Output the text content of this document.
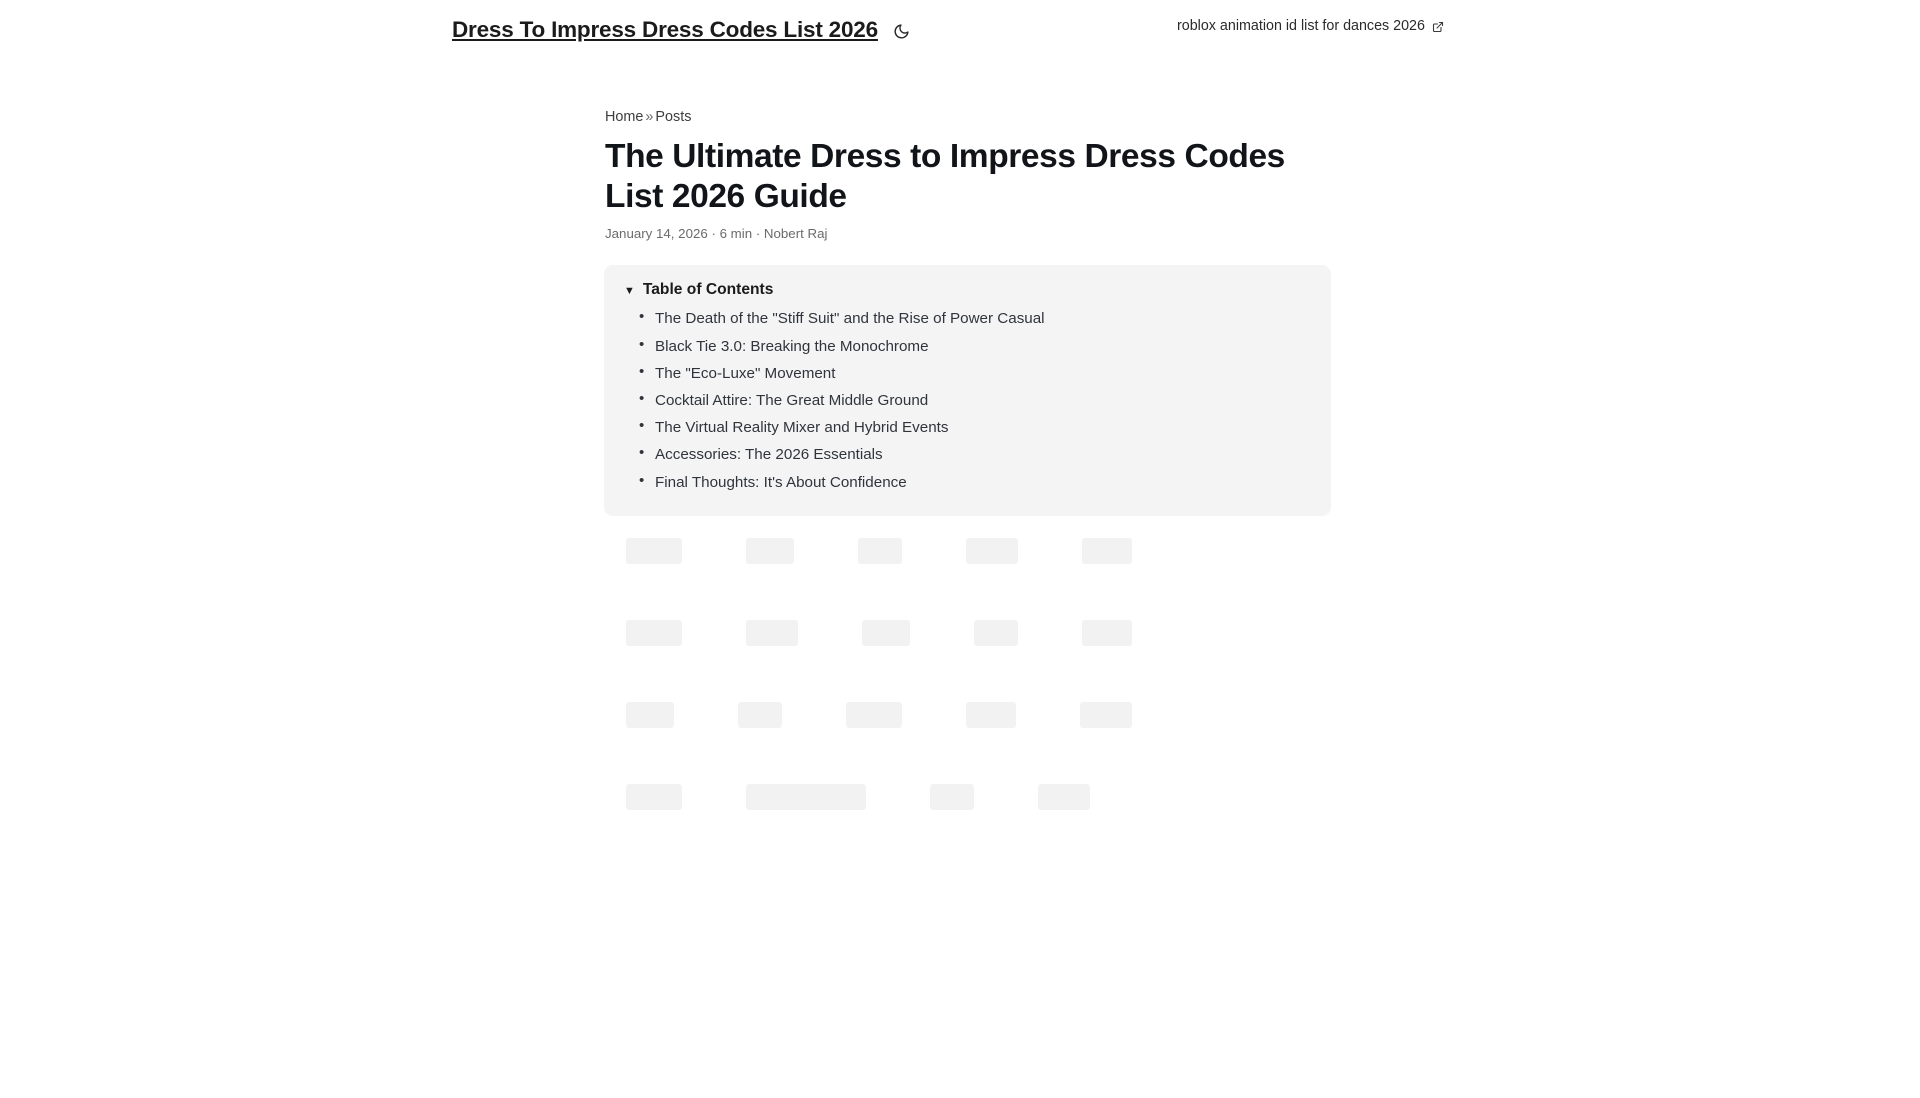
Dress To Impress Dress Codes List 2026	roblox animation id list for dances 2026
Home » Posts
The Ultimate Dress to Impress Dress Codes List 2026 Guide
January 14, 2026 · 6 min · Nobert Raj
▼ Table of Contents
• The Death of the "Stiff Suit" and the Rise of Power Casual
• Black Tie 3.0: Breaking the Monochrome
• The "Eco-Luxe" Movement
• Cocktail Attire: The Great Middle Ground
• The Virtual Reality Mixer and Hybrid Events
• Accessories: The 2026 Essentials
• Final Thoughts: It's About Confidence
